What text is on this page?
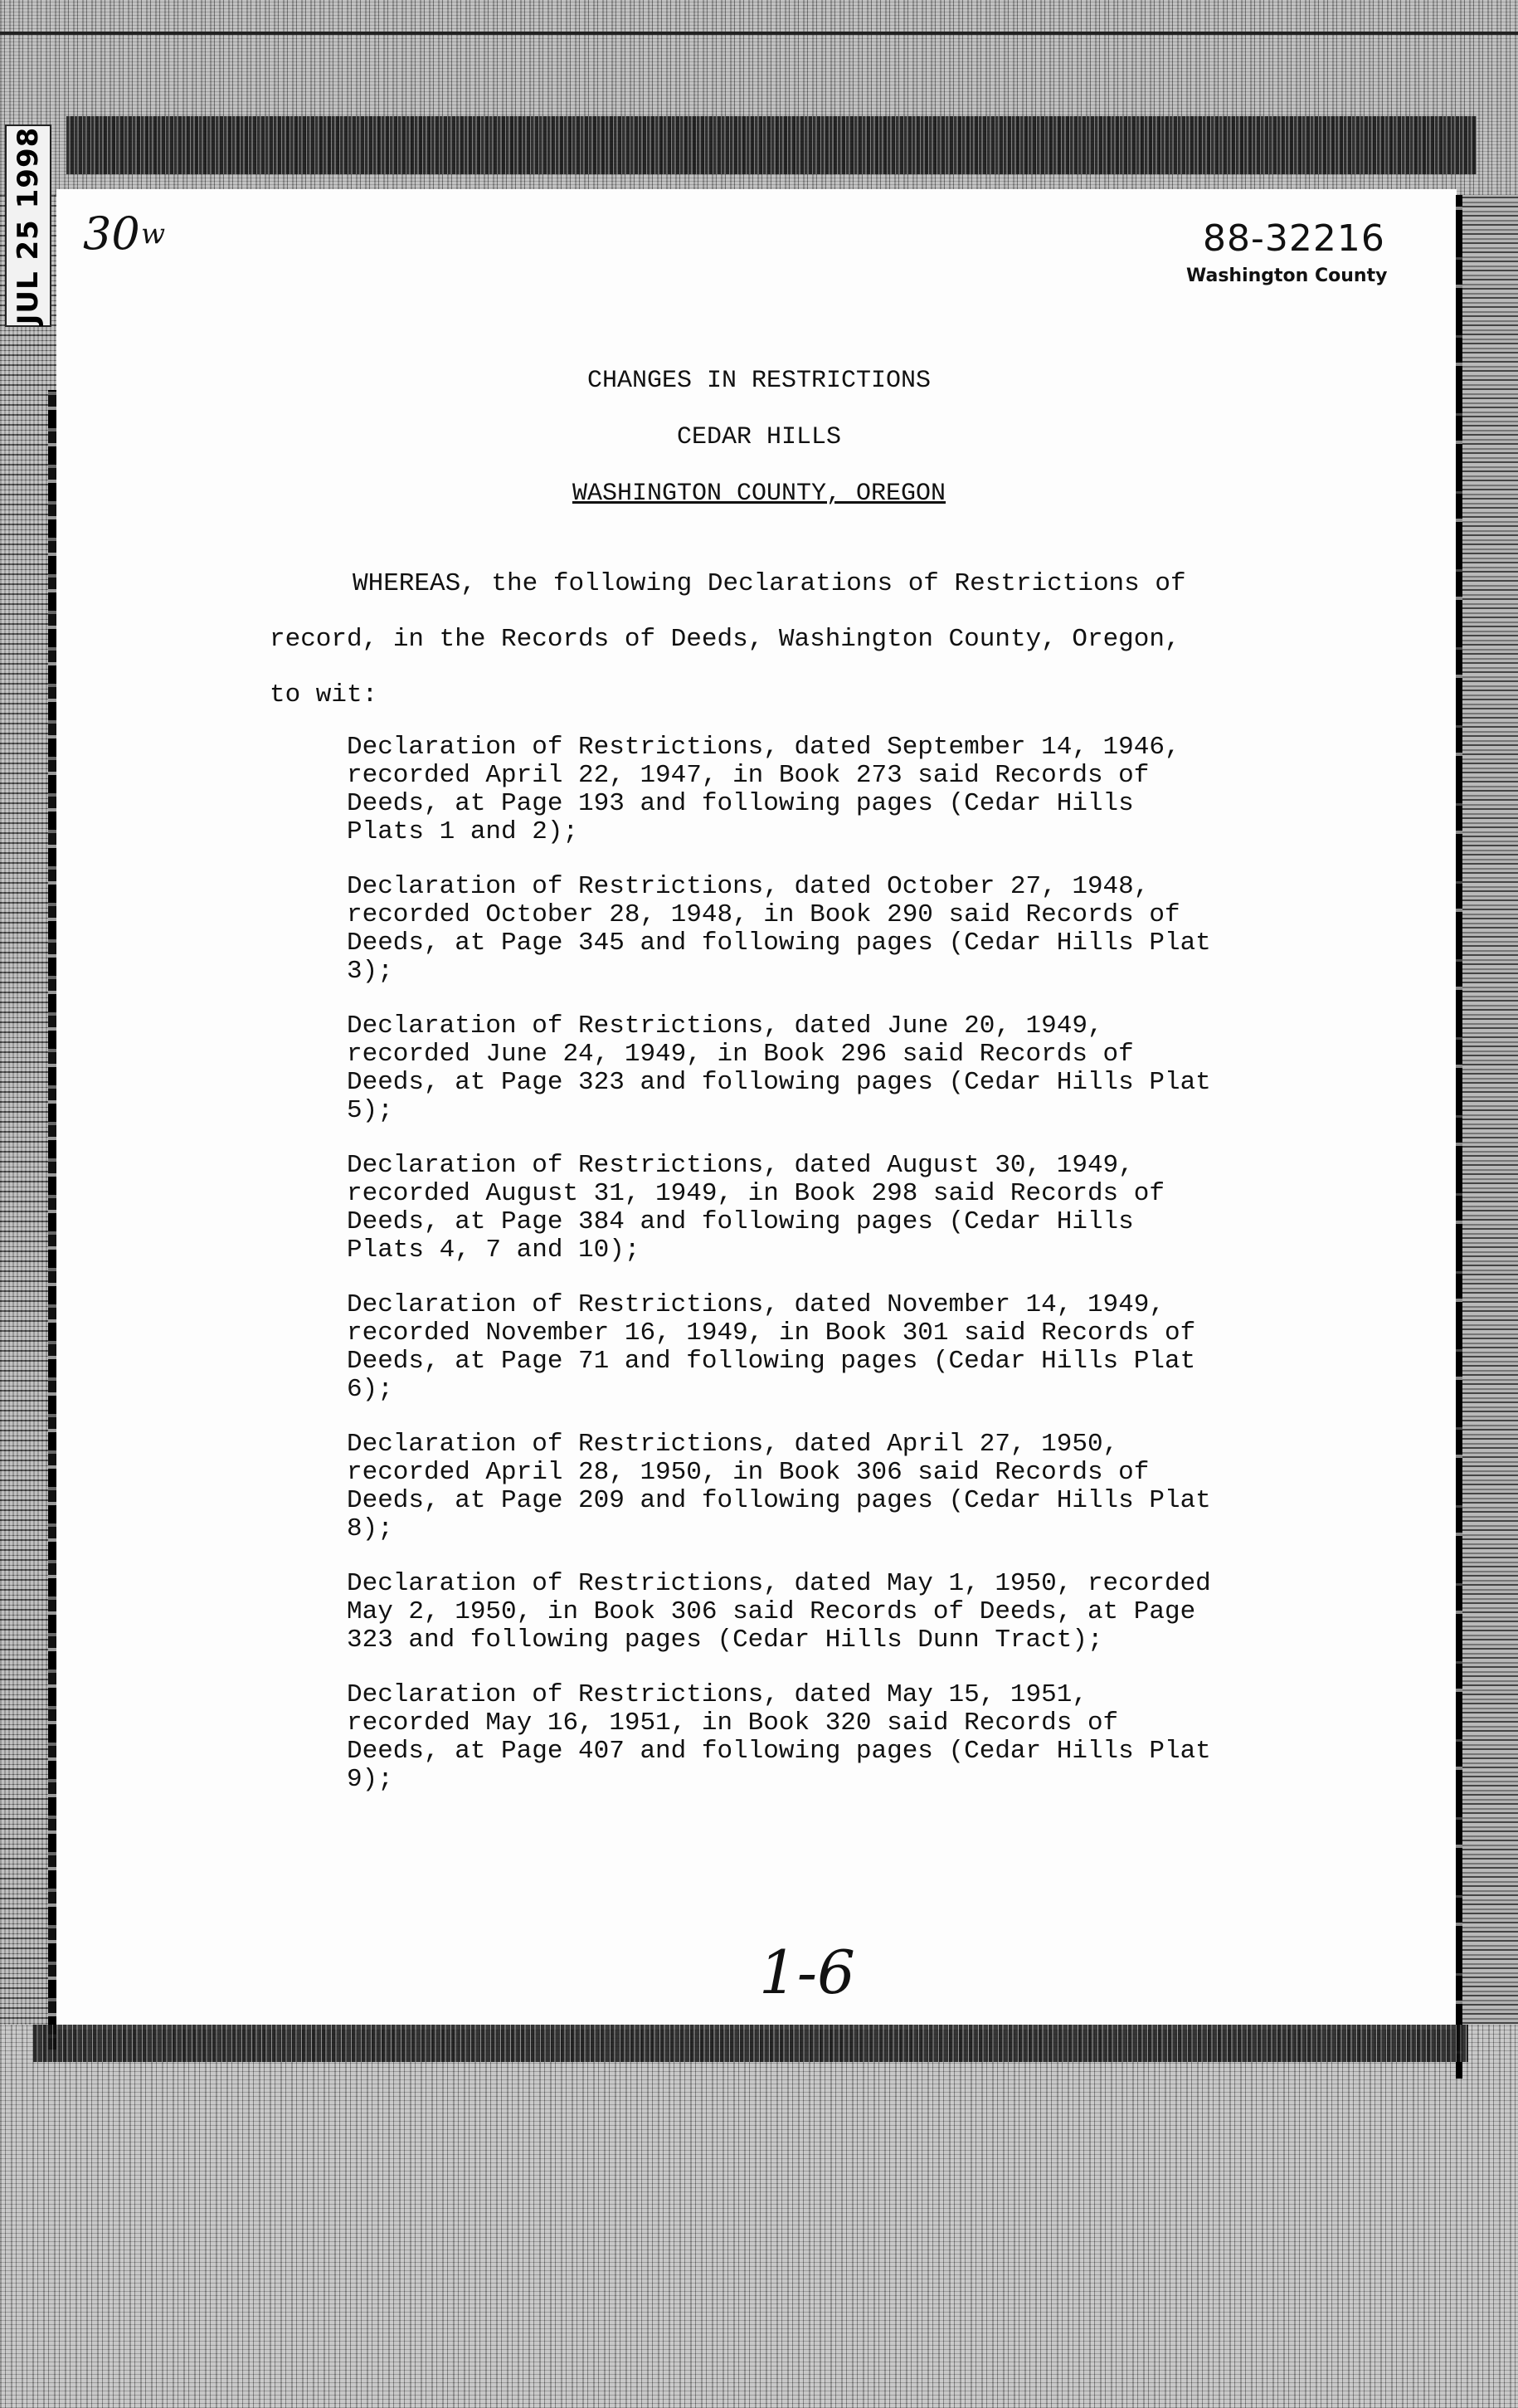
JUL 25 1998 30 w	88-32216
Washington County
CHANGES IN RESTRICTIONS
CEDAR HILLS
WASHINGTON COUNTY, OREGON
WHEREAS, the following Declarations of Restrictions of
record, in the Records of Deeds, Washington County, Oregon,
to wit:
Declaration of Restrictions, dated September 14, 1946,
recorded April 22, 1947, in Book 273 said Records of
Deeds, at Page 193 and following pages (Cedar Hills
Plats 1 and 2);
Declaration of Restrictions, dated October 27, 1948,
recorded October 28, 1948, in Book 290 said Records of
Deeds, at Page 345 and following pages (Cedar Hills Plat
3);
Declaration of Restrictions, dated June 20, 1949,
recorded June 24, 1949, in Book 296 said Records of
Deeds, at Page 323 and following pages (Cedar Hills Plat
5);
Declaration of Restrictions, dated August 30, 1949,
recorded August 31, 1949, in Book 298 said Records of
Deeds, at Page 384 and following pages (Cedar Hills
Plats 4, 7 and 10);
Declaration of Restrictions, dated November 14, 1949,
recorded November 16, 1949, in Book 301 said Records of
Deeds, at Page 71 and following pages (Cedar Hills Plat
6);
Declaration of Restrictions, dated April 27, 1950,
recorded April 28, 1950, in Book 306 said Records of
Deeds, at Page 209 and following pages (Cedar Hills Plat
8);
Declaration of Restrictions, dated May 1, 1950, recorded
May 2, 1950, in Book 306 said Records of Deeds, at Page
323 and following pages (Cedar Hills Dunn Tract);
Declaration of Restrictions, dated May 15, 1951,
recorded May 16, 1951, in Book 320 said Records of
Deeds, at Page 407 and following pages (Cedar Hills Plat
9);
1-6
